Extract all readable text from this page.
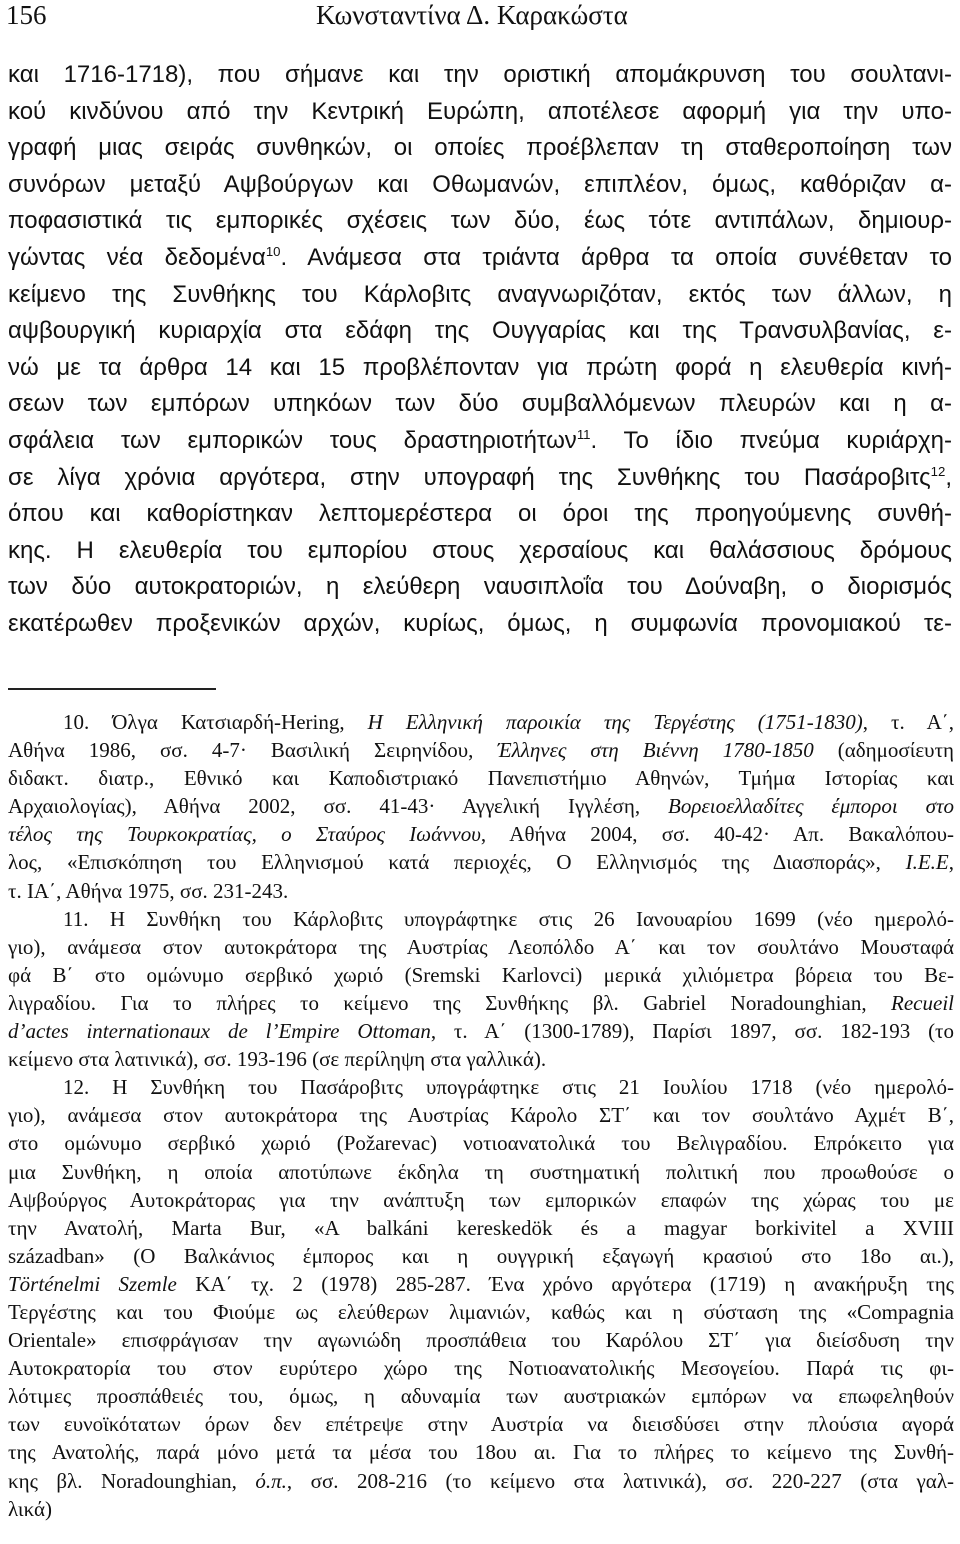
156	Κωνσταντίνα Δ. Καρακώστα
και 1716-1718), που σήμανε και την οριστική απομάκρυνση του σουλτανι-
κού κινδύνου από την Κεντρική Ευρώπη, αποτέλεσε αφορμή για την υπο-
γραφή μιας σειράς συνθηκών, οι οποίες προέβλεπαν τη σταθεροποίηση των
συνόρων μεταξύ Αψβούργων και Οθωμανών, επιπλέον, όμως, καθόριζαν α-
ποφασιστικά τις εμπορικές σχέσεις των δύο, έως τότε αντιπάλων, δημιουρ-
γώντας νέα δεδομένα$^{10}$. Ανάμεσα στα τριάντα άρθρα τα οποία συνέθεταν το
κείμενο της Συνθήκης του Κάρλοβιτς αναγνωριζόταν, εκτός των άλλων, η
αψβουργική κυριαρχία στα εδάφη της Ουγγαρίας και της Τρανσυλβανίας, ε-
νώ με τα άρθρα 14 και 15 προβλέπονταν για πρώτη φορά η ελευθερία κινή-
σεων των εμπόρων υπηκόων των δύο συμβαλλόμενων πλευρών και η α-
σφάλεια των εμπορικών τους δραστηριοτήτων$^{11}$. Το ίδιο πνεύμα κυριάρχη-
σε λίγα χρόνια αργότερα, στην υπογραφή της Συνθήκης του Πασάροβιτς$^{12}$,
όπου και καθορίστηκαν λεπτομερέστερα οι όροι της προηγούμενης συνθή-
κης. Η ελευθερία του εμπορίου στους χερσαίους και θαλάσσιους δρόμους
των δύο αυτοκρατοριών, η ελεύθερη ναυσιπλοΐα του Δούναβη, ο διορισμός
εκατέρωθεν προξενικών αρχών, κυρίως, όμως, η συμφωνία προνομιακού τε-
10. Όλγα Κατσιαρδή-Hering, Η Ελληνική παροικία της Τεργέστης (1751-1830), τ. Α΄,
Αθήνα 1986, σσ. 4-7· Βασιλική Σειρηνίδου, Έλληνες στη Βιέννη 1780-1850 (αδημοσίευτη
διδακτ. διατρ., Εθνικό και Καποδιστριακό Πανεπιστήμιο Αθηνών, Τμήμα Ιστορίας και
Αρχαιολογίας), Αθήνα 2002, σσ. 41-43· Αγγελική Ιγγλέση, Βορειοελλαδίτες έμποροι στο
τέλος της Τουρκοκρατίας, ο Σταύρος Ιωάννου, Αθήνα 2004, σσ. 40-42· Απ. Βακαλόπου-
λος, «Επισκόπηση του Ελληνισμού κατά περιοχές, Ο Ελληνισμός της Διασποράς», Ι.Ε.Ε,
τ. ΙΑ΄, Αθήνα 1975, σσ. 231-243.
11. Η Συνθήκη του Κάρλοβιτς υπογράφτηκε στις 26 Ιανουαρίου 1699 (νέο ημερολό-
γιο), ανάμεσα στον αυτοκράτορα της Αυστρίας Λεοπόλδο Α΄ και τον σουλτάνο Μουσταφά
φά Β΄ στο ομώνυμο σερβικό χωριό (Sremski Karlovci) μερικά χιλιόμετρα βόρεια του Βε-
λιγραδίου. Για το πλήρες το κείμενο της Συνθήκης βλ. Gabriel Noradounghian, Recueil
d’actes internationaux de l’Empire Ottoman, τ. Α΄ (1300-1789), Παρίσι 1897, σσ. 182-193 (το
κείμενο στα λατινικά), σσ. 193-196 (σε περίληψη στα γαλλικά).
12. Η Συνθήκη του Πασάροβιτς υπογράφτηκε στις 21 Ιουλίου 1718 (νέο ημερολό-
γιο), ανάμεσα στον αυτοκράτορα της Αυστρίας Κάρολο ΣΤ΄ και τον σουλτάνο Αχμέτ Β΄,
στο ομώνυμο σερβικό χωριό (Požarevac) νοτιοανατολικά του Βελιγραδίου. Επρόκειτο για
μια Συνθήκη, η οποία αποτύπωνε έκδηλα τη συστηματική πολιτική που προωθούσε ο
Αψβούργος Αυτοκράτορας για την ανάπτυξη των εμπορικών επαφών της χώρας του με
την Ανατολή, Marta Bur, «A balkáni kereskedök és a magyar borkivitel a XVIII
században» (Ο Βαλκάνιος έμπορος και η ουγγρική εξαγωγή κρασιού στο 18ο αι.),
Történelmi Szemle ΚΑ΄ τχ. 2 (1978) 285-287. Ένα χρόνο αργότερα (1719) η ανακήρυξη της
Τεργέστης και του Φιούμε ως ελεύθερων λιμανιών, καθώς και η σύσταση της «Compagnia
Orientale» επισφράγισαν την αγωνιώδη προσπάθεια του Καρόλου ΣΤ΄ για διείσδυση την
Αυτοκρατορία του στον ευρύτερο χώρο της Νοτιοανατολικής Μεσογείου. Παρά τις φι-
λότιμες προσπάθειές του, όμως, η αδυναμία των αυστριακών εμπόρων να επωφεληθούν
των ευνοϊκότατων όρων δεν επέτρεψε στην Αυστρία να διεισδύσει στην πλούσια αγορά
της Ανατολής, παρά μόνο μετά τα μέσα του 18ου αι. Για το πλήρες το κείμενο της Συνθή-
κης βλ. Noradounghian, ό.π., σσ. 208-216 (το κείμενο στα λατινικά), σσ. 220-227 (στα γαλ-
λικά)
